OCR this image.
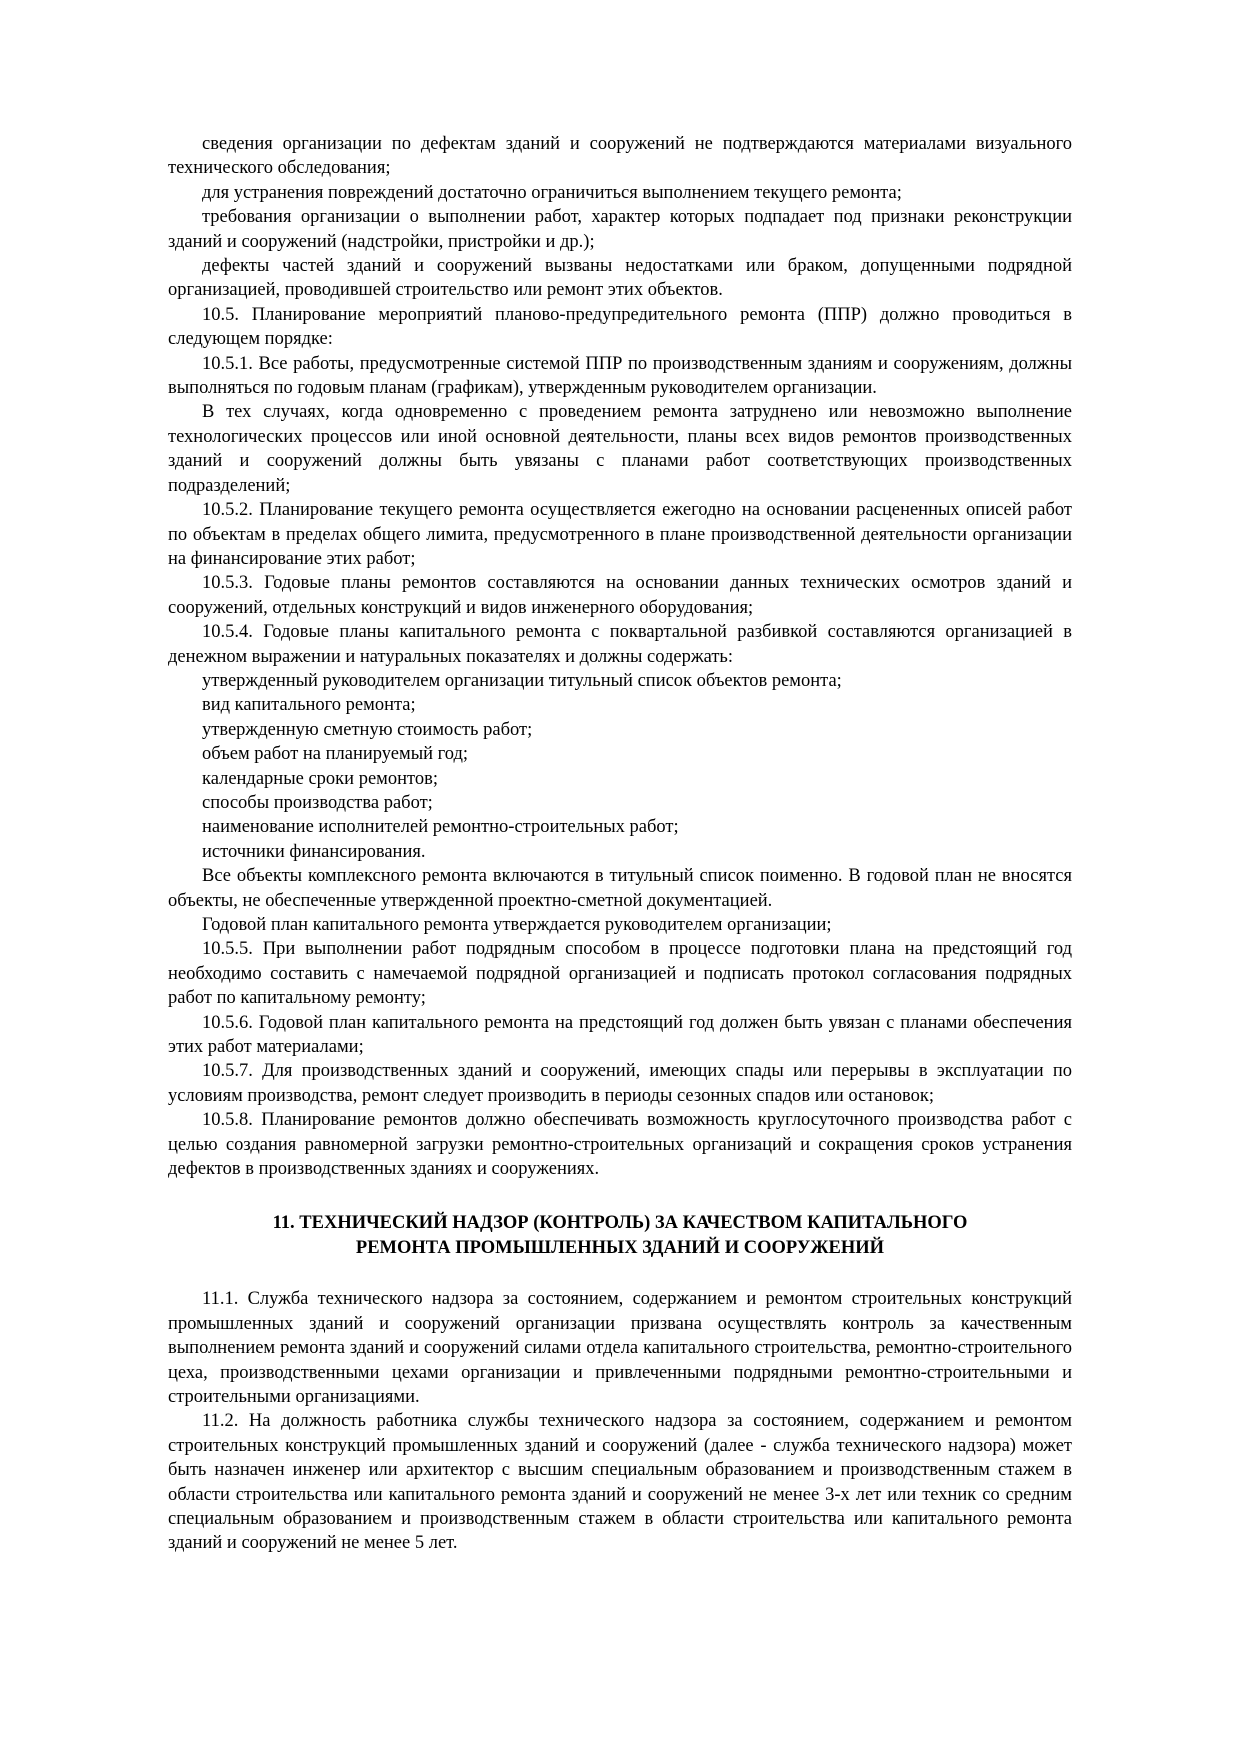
сведения организации по дефектам зданий и сооружений не подтверждаются материалами визуального технического обследования;

для устранения повреждений достаточно ограничиться выполнением текущего ремонта;

требования организации о выполнении работ, характер которых подпадает под признаки реконструкции зданий и сооружений (надстройки, пристройки и др.);

дефекты частей зданий и сооружений вызваны недостатками или браком, допущенными подрядной организацией, проводившей строительство или ремонт этих объектов.

10.5. Планирование мероприятий планово-предупредительного ремонта (ППР) должно проводиться в следующем порядке:

10.5.1. Все работы, предусмотренные системой ППР по производственным зданиям и сооружениям, должны выполняться по годовым планам (графикам), утвержденным руководителем организации.

В тех случаях, когда одновременно с проведением ремонта затруднено или невозможно выполнение технологических процессов или иной основной деятельности, планы всех видов ремонтов производственных зданий и сооружений должны быть увязаны с планами работ соответствующих производственных подразделений;

10.5.2. Планирование текущего ремонта осуществляется ежегодно на основании расцененных описей работ по объектам в пределах общего лимита, предусмотренного в плане производственной деятельности организации на финансирование этих работ;

10.5.3. Годовые планы ремонтов составляются на основании данных технических осмотров зданий и сооружений, отдельных конструкций и видов инженерного оборудования;

10.5.4. Годовые планы капитального ремонта с поквартальной разбивкой составляются организацией в денежном выражении и натуральных показателях и должны содержать:

утвержденный руководителем организации титульный список объектов ремонта;

вид капитального ремонта;

утвержденную сметную стоимость работ;

объем работ на планируемый год;

календарные сроки ремонтов;

способы производства работ;

наименование исполнителей ремонтно-строительных работ;

источники финансирования.

Все объекты комплексного ремонта включаются в титульный список поименно. В годовой план не вносятся объекты, не обеспеченные утвержденной проектно-сметной документацией.

Годовой план капитального ремонта утверждается руководителем организации;

10.5.5. При выполнении работ подрядным способом в процессе подготовки плана на предстоящий год необходимо составить с намечаемой подрядной организацией и подписать протокол согласования подрядных работ по капитальному ремонту;

10.5.6. Годовой план капитального ремонта на предстоящий год должен быть увязан с планами обеспечения этих работ материалами;

10.5.7. Для производственных зданий и сооружений, имеющих спады или перерывы в эксплуатации по условиям производства, ремонт следует производить в периоды сезонных спадов или остановок;

10.5.8. Планирование ремонтов должно обеспечивать возможность круглосуточного производства работ с целью создания равномерной загрузки ремонтно-строительных организаций и сокращения сроков устранения дефектов в производственных зданиях и сооружениях.

11. ТЕХНИЧЕСКИЙ НАДЗОР (КОНТРОЛЬ) ЗА КАЧЕСТВОМ КАПИТАЛЬНОГО
РЕМОНТА ПРОМЫШЛЕННЫХ ЗДАНИЙ И СООРУЖЕНИЙ

11.1. Служба технического надзора за состоянием, содержанием и ремонтом строительных конструкций промышленных зданий и сооружений организации призвана осуществлять контроль за качественным выполнением ремонта зданий и сооружений силами отдела капитального строительства, ремонтно-строительного цеха, производственными цехами организации и привлеченными подрядными ремонтно-строительными и строительными организациями.

11.2. На должность работника службы технического надзора за состоянием, содержанием и ремонтом строительных конструкций промышленных зданий и сооружений (далее - служба технического надзора) может быть назначен инженер или архитектор с высшим специальным образованием и производственным стажем в области строительства или капитального ремонта зданий и сооружений не менее 3-х лет или техник со средним специальным образованием и производственным стажем в области строительства или капитального ремонта зданий и сооружений не менее 5 лет.
